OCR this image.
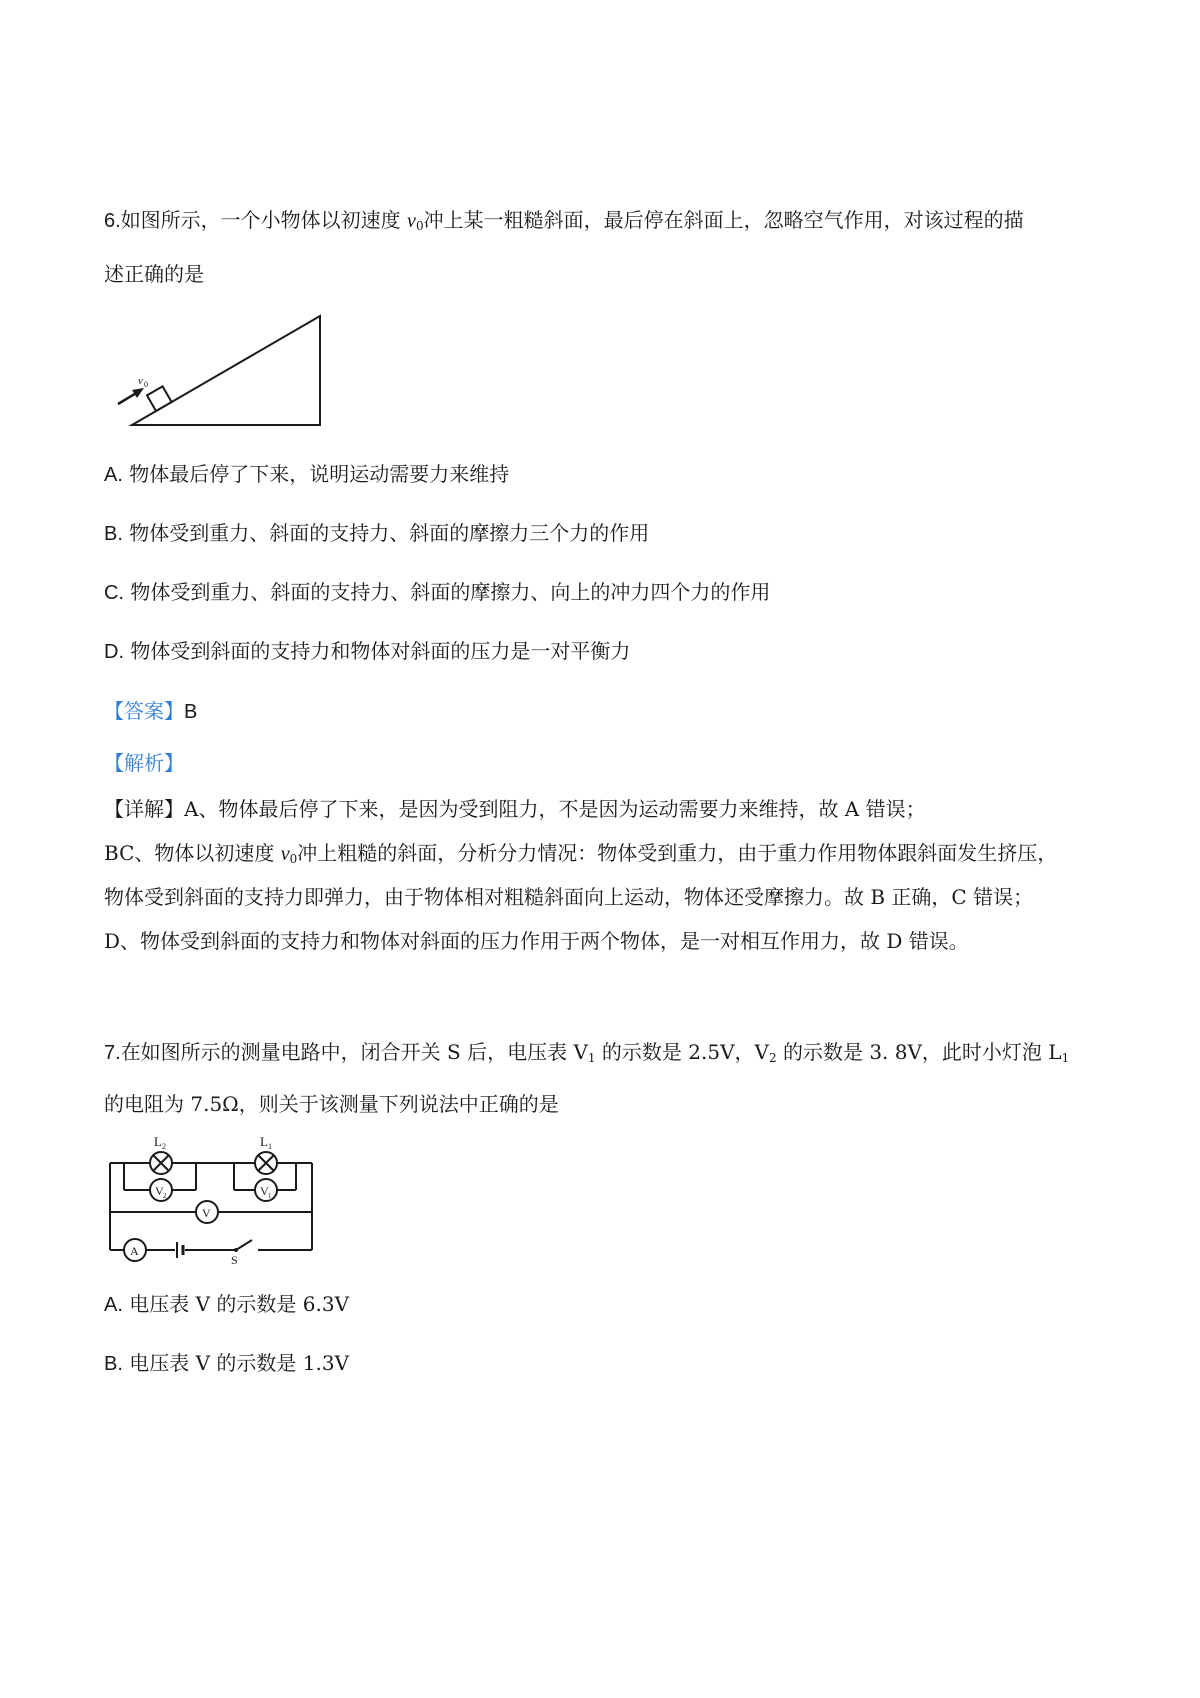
6.如图所示，一个小物体以初速度 $v_0$冲上某一粗糙斜面，最后停在斜面上，忽略空气作用，对该过程的描
述正确的是
v 0
A. 物体最后停了下来，说明运动需要力来维持
B. 物体受到重力、斜面的支持力、斜面的摩擦力三个力的作用
C. 物体受到重力、斜面的支持力、斜面的摩擦力、向上的冲力四个力的作用
D. 物体受到斜面的支持力和物体对斜面的压力是一对平衡力
【答案】B
【解析】
【详解】A、物体最后停了下来，是因为受到阻力，不是因为运动需要力来维持，故 A 错误；
BC、物体以初速度 $v_0$冲上粗糙的斜面，分析分力情况：物体受到重力，由于重力作用物体跟斜面发生挤压，
物体受到斜面的支持力即弹力，由于物体相对粗糙斜面向上运动，物体还受摩擦力。故 B 正确，C 错误；
D、物体受到斜面的支持力和物体对斜面的压力作用于两个物体，是一对相互作用力，故 D 错误。
7.在如图所示的测量电路中，闭合开关 S 后，电压表 $V_1$ 的示数是 2.5V，$V_2$ 的示数是 3. 8V，此时小灯泡 $L_1$
的电阻为 7.5Ω，则关于该测量下列说法中正确的是
L 2	L 1
V 2	V 1
V
A
S
A. 电压表 V 的示数是 6.3V
B. 电压表 V 的示数是 1.3V
